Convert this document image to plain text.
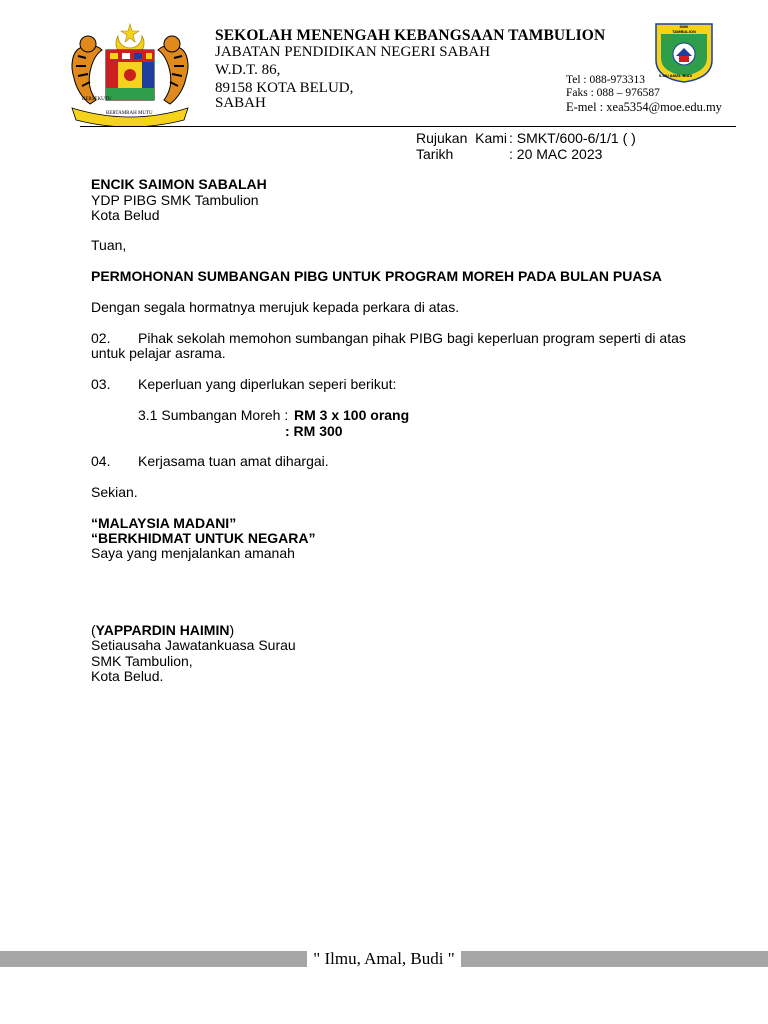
BERSEKUTU
BERTAMBAH MUTU
SEKOLAH MENENGAH KEBANGSAAN TAMBULION
JABATAN PENDIDIKAN NEGERI SABAH
W.D.T. 86,
89158 KOTA BELUD,
SABAH
SMK TAMBULION
ILMU AMAL BUDI
Tel : 088-973313
Faks : 088 – 976587
E-mel : xea5354@moe.edu.my
Rujukan  Kami : SMKT/600-6/1/1 ( )
Tarikh	: 20 MAC 2023
ENCIK SAIMON SABALAH
YDP PIBG SMK Tambulion
Kota Belud
Tuan,
PERMOHONAN SUMBANGAN PIBG UNTUK PROGRAM MOREH PADA BULAN PUASA
Dengan segala hormatnya merujuk kepada perkara di atas.
02. Pihak sekolah memohon sumbangan pihak PIBG bagi keperluan program seperti di atas
untuk pelajar asrama.
03. Keperluan yang diperlukan seperi berikut:
3.1 Sumbangan Moreh : RM 3 x 100 orang
: RM 300
04. Kerjasama tuan amat dihargai.
Sekian.
“MALAYSIA MADANI”
“BERKHIDMAT UNTUK NEGARA”
Saya yang menjalankan amanah
(YAPPARDIN HAIMIN)
Setiausaha Jawatankuasa Surau
SMK Tambulion,
Kota Belud.
" Ilmu, Amal, Budi "
